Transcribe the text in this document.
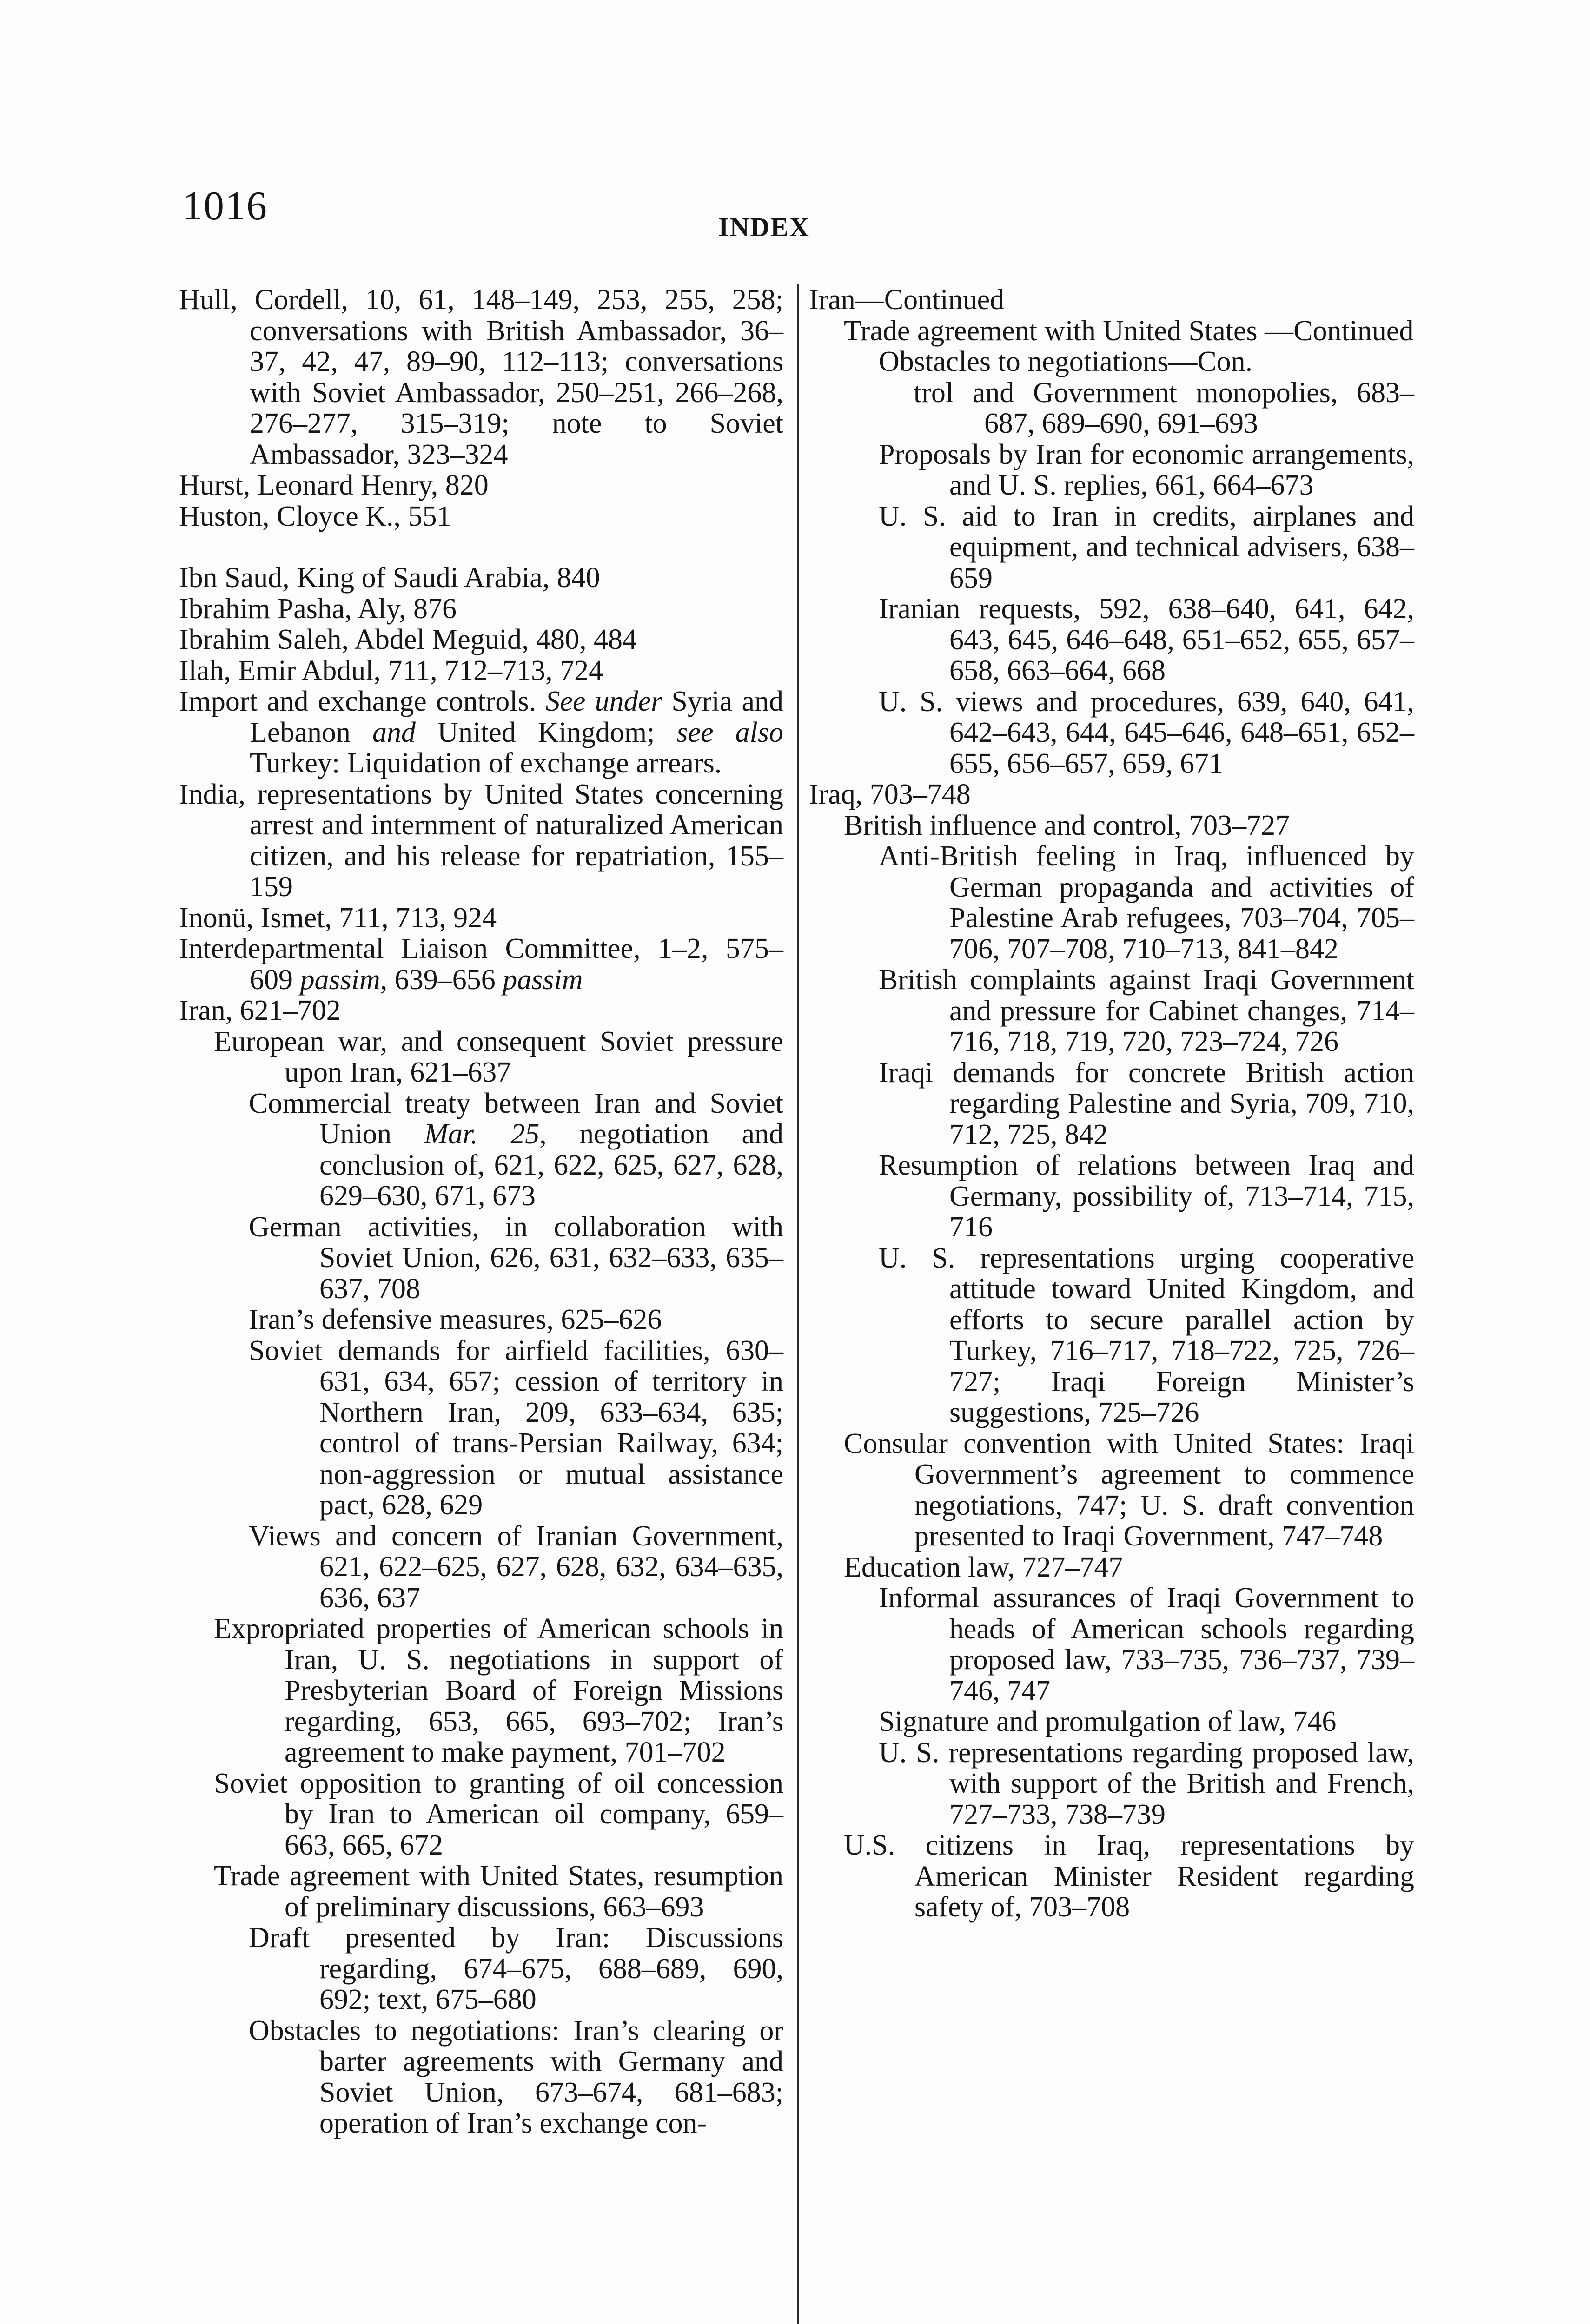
1016	INDEX

Hull, Cordell, 10, 61, 148–149, 253, 255, 258; conversations with British Ambassador, 36–37, 42, 47, 89–90, 112–113; conversations with Soviet Ambassador, 250–251, 266–268, 276–277, 315–319; note to Soviet Ambassador, 323–324

Hurst, Leonard Henry, 820

Huston, Cloyce K., 551

Ibn Saud, King of Saudi Arabia, 840

Ibrahim Pasha, Aly, 876

Ibrahim Saleh, Abdel Meguid, 480, 484

Ilah, Emir Abdul, 711, 712–713, 724

Import and exchange controls. See under Syria and Lebanon and United Kingdom; see also Turkey: Liquidation of exchange arrears.

India, representations by United States concerning arrest and internment of naturalized American citizen, and his release for repatriation, 155–159

Inonü, Ismet, 711, 713, 924

Interdepartmental Liaison Committee, 1–2, 575–609 passim, 639–656 passim

Iran, 621–702

European war, and consequent Soviet pressure upon Iran, 621–637

Commercial treaty between Iran and Soviet Union Mar. 25, negotiation and conclusion of, 621, 622, 625, 627, 628, 629–630, 671, 673

German activities, in collaboration with Soviet Union, 626, 631, 632–633, 635–637, 708

Iran’s defensive measures, 625–626

Soviet demands for airfield facilities, 630–631, 634, 657; cession of territory in Northern Iran, 209, 633–634, 635; control of trans-Persian Railway, 634; non-aggression or mutual assistance pact, 628, 629

Views and concern of Iranian Government, 621, 622–625, 627, 628, 632, 634–635, 636, 637

Expropriated properties of American schools in Iran, U. S. negotiations in support of Presbyterian Board of Foreign Missions regarding, 653, 665, 693–702; Iran’s agreement to make payment, 701–702

Soviet opposition to granting of oil concession by Iran to American oil company, 659–663, 665, 672

Trade agreement with United States, resumption of preliminary discussions, 663–693

Draft presented by Iran: Discussions regarding, 674–675, 688–689, 690, 692; text, 675–680

Obstacles to negotiations: Iran’s clearing or barter agreements with Germany and Soviet Union, 673–674, 681–683; operation of Iran’s exchange con-

Iran—Continued

Trade agreement with United States —Continued

Obstacles to negotiations—Con.

trol and Government monopolies, 683–687, 689–690, 691–693

Proposals by Iran for economic arrangements, and U. S. replies, 661, 664–673

U. S. aid to Iran in credits, airplanes and equipment, and technical advisers, 638–659

Iranian requests, 592, 638–640, 641, 642, 643, 645, 646–648, 651–652, 655, 657–658, 663–664, 668

U. S. views and procedures, 639, 640, 641, 642–643, 644, 645–646, 648–651, 652–655, 656–657, 659, 671

Iraq, 703–748

British influence and control, 703–727

Anti-British feeling in Iraq, influenced by German propaganda and activities of Palestine Arab refugees, 703–704, 705–706, 707–708, 710–713, 841–842

British complaints against Iraqi Government and pressure for Cabinet changes, 714–716, 718, 719, 720, 723–724, 726

Iraqi demands for concrete British action regarding Palestine and Syria, 709, 710, 712, 725, 842

Resumption of relations between Iraq and Germany, possibility of, 713–714, 715, 716

U. S. representations urging cooperative attitude toward United Kingdom, and efforts to secure parallel action by Turkey, 716–717, 718–722, 725, 726–727; Iraqi Foreign Minister’s suggestions, 725–726

Consular convention with United States: Iraqi Government’s agreement to commence negotiations, 747; U. S. draft convention presented to Iraqi Government, 747–748

Education law, 727–747

Informal assurances of Iraqi Government to heads of American schools regarding proposed law, 733–735, 736–737, 739–746, 747

Signature and promulgation of law, 746

U. S. representations regarding proposed law, with support of the British and French, 727–733, 738–739

U.S. citizens in Iraq, representations by American Minister Resident regarding safety of, 703–708
